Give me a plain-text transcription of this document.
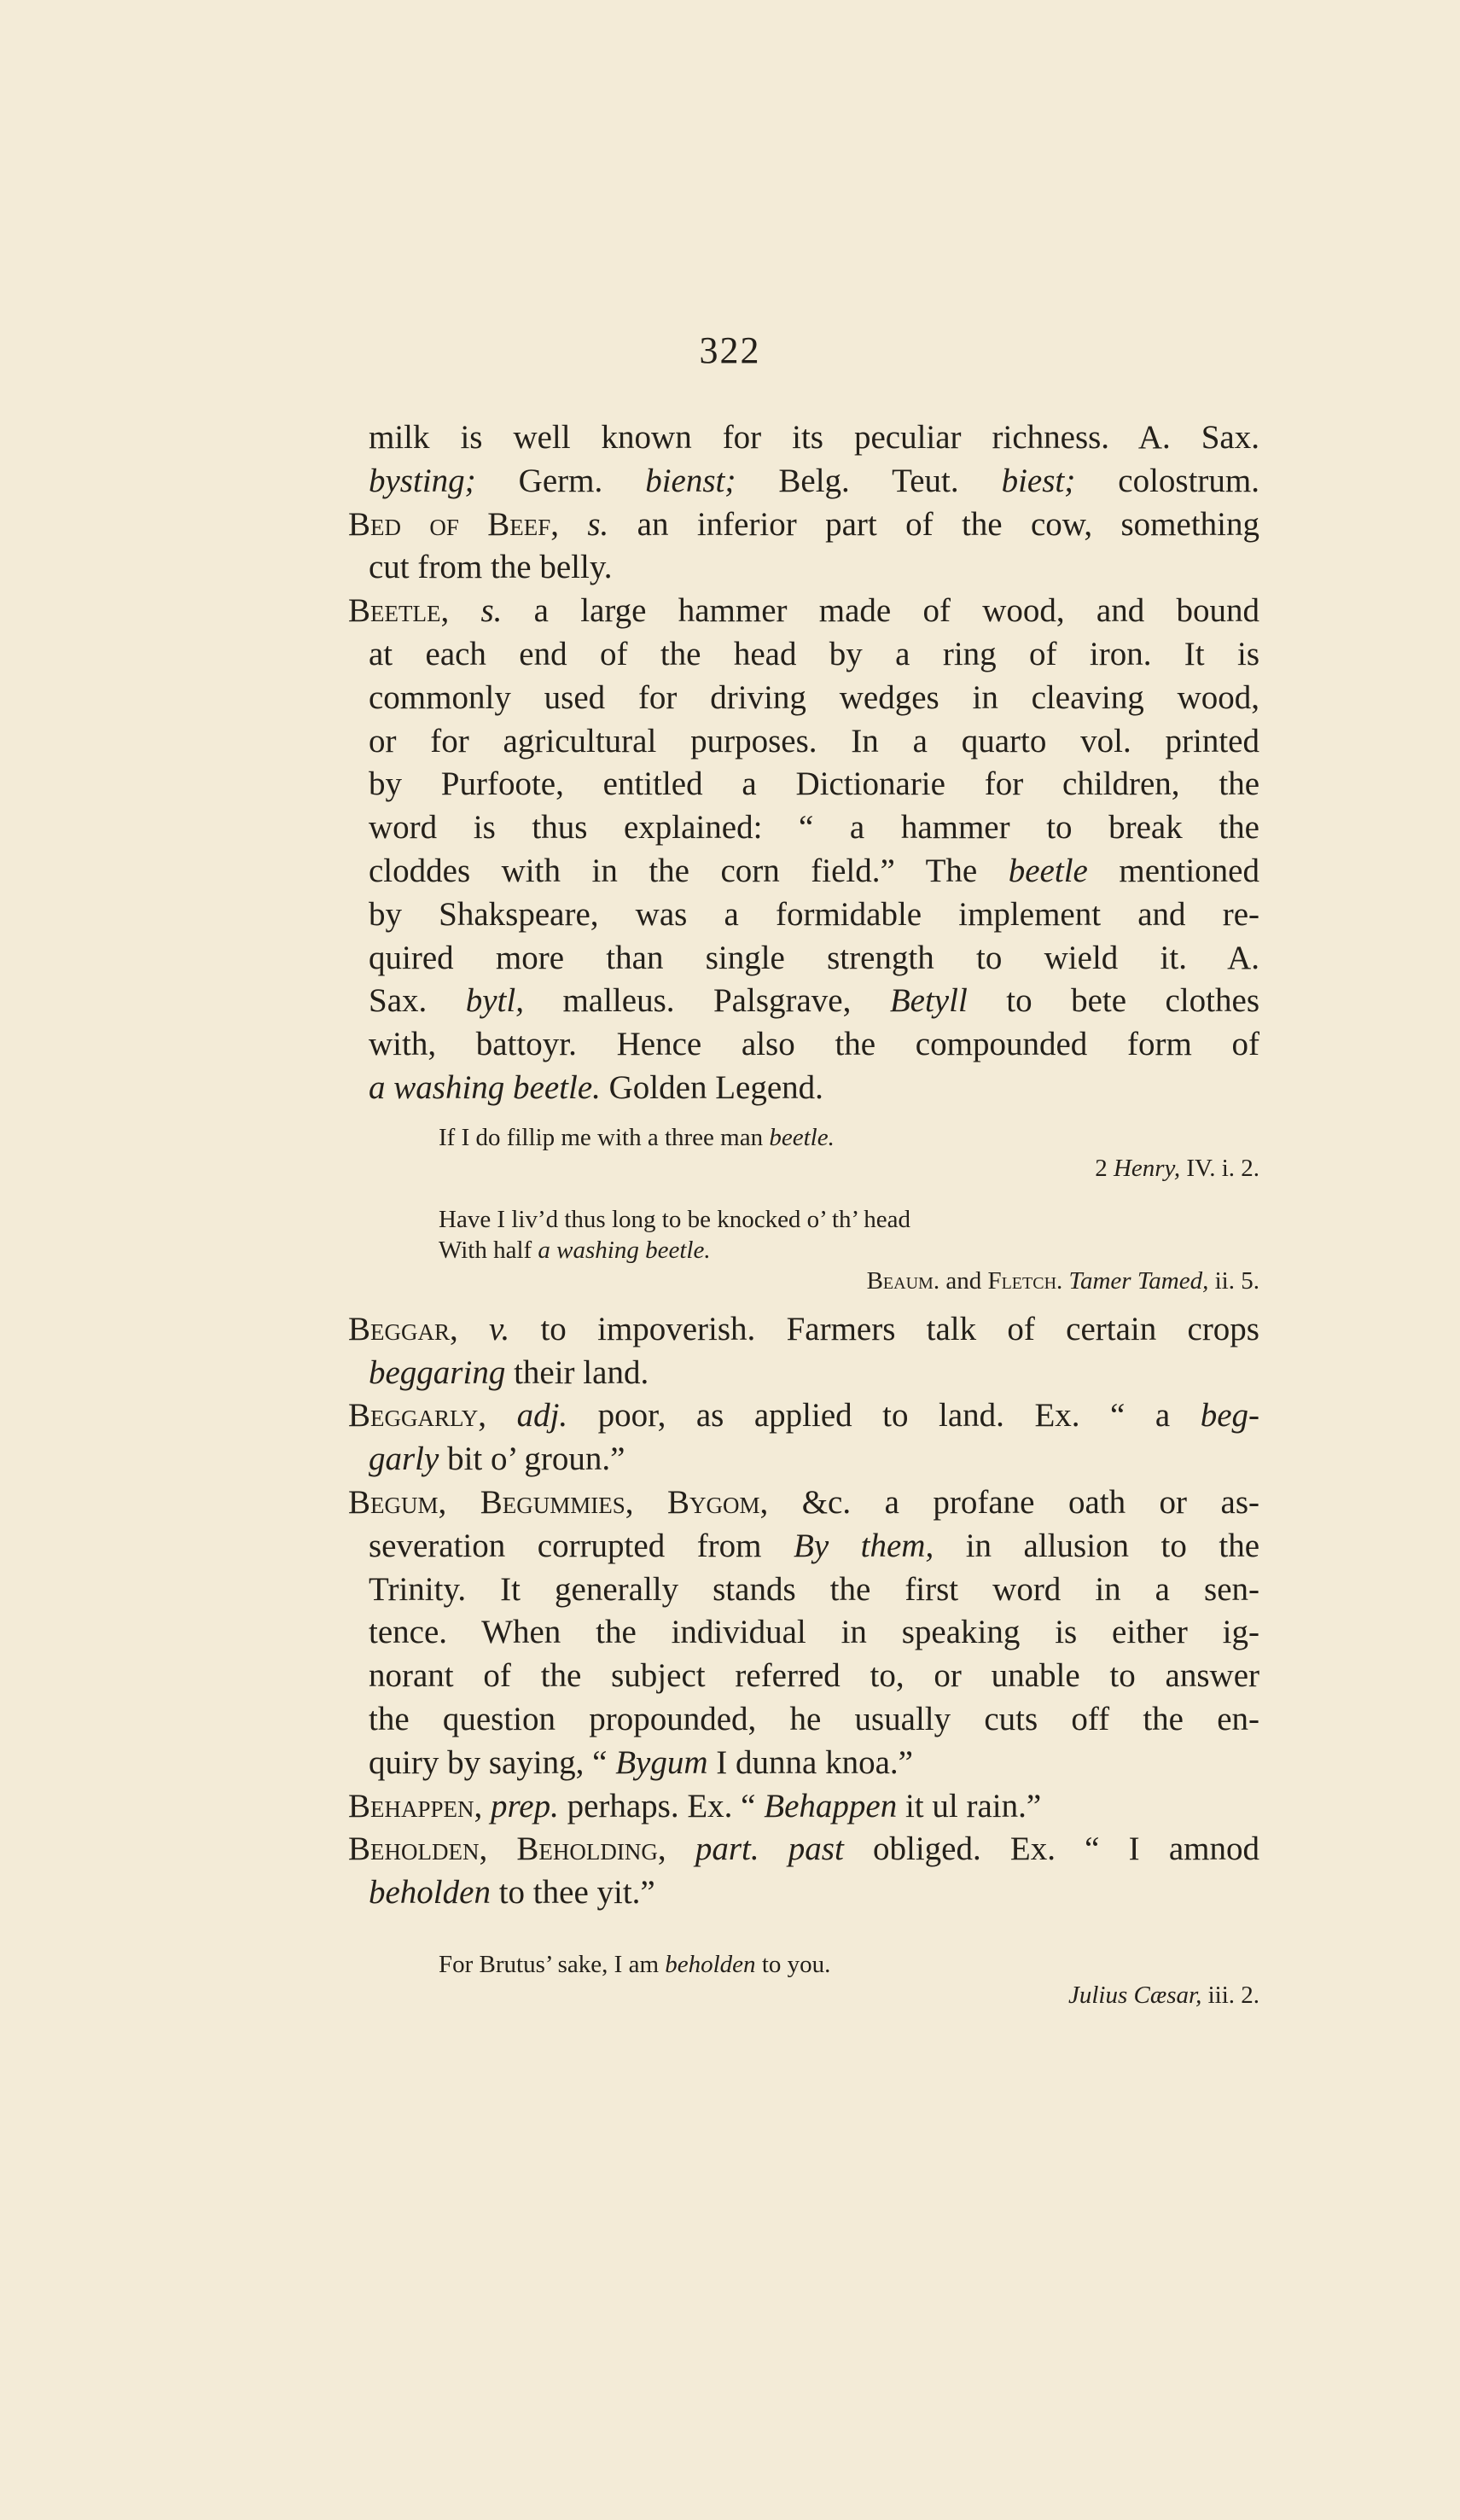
322
milk is well known for its peculiar richness. A. Sax.
bysting; Germ. bienst; Belg. Teut. biest; colostrum.
Bed of Beef, s. an inferior part of the cow, something
cut from the belly.
Beetle, s. a large hammer made of wood, and bound
at each end of the head by a ring of iron. It is
commonly used for driving wedges in cleaving wood,
or for agricultural purposes. In a quarto vol. printed
by Purfoote, entitled a Dictionarie for children, the
word is thus explained: “ a hammer to break the
cloddes with in the corn field.” The beetle mentioned
by Shakspeare, was a formidable implement and re-
quired more than single strength to wield it. A.
Sax. bytl, malleus. Palsgrave, Betyll to bete clothes
with, battoyr. Hence also the compounded form of
a washing beetle. Golden Legend.
If I do fillip me with a three man beetle.
2 Henry, IV. i. 2.
Have I liv’d thus long to be knocked o’ th’ head
With half a washing beetle.
Beaum. and Fletch. Tamer Tamed, ii. 5.
Beggar, v. to impoverish. Farmers talk of certain crops
beggaring their land.
Beggarly, adj. poor, as applied to land. Ex. “ a beg-
garly bit o’ groun.”
Begum, Begummies, Bygom, &c. a profane oath or as-
severation corrupted from By them, in allusion to the
Trinity. It generally stands the first word in a sen-
tence. When the individual in speaking is either ig-
norant of the subject referred to, or unable to answer
the question propounded, he usually cuts off the en-
quiry by saying, “ Bygum I dunna knoa.”
Behappen, prep. perhaps. Ex. “ Behappen it ul rain.”
Beholden, Beholding, part. past obliged. Ex. “ I amnod
beholden to thee yit.”
For Brutus’ sake, I am beholden to you.
Julius Cæsar, iii. 2.
